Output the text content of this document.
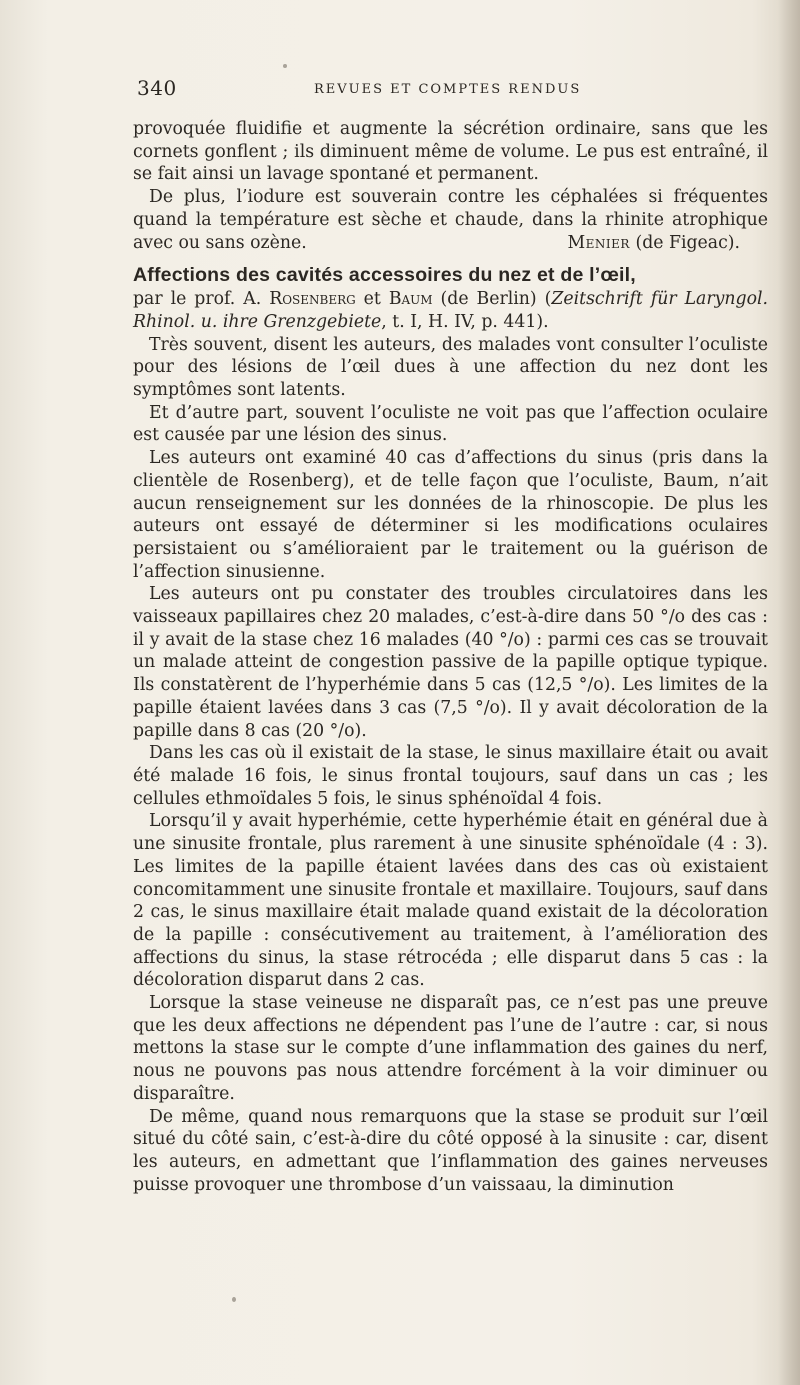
340	REVUES ET COMPTES RENDUS

provoquée fluidifie et augmente la sécrétion ordinaire, sans que les cornets gonflent ; ils diminuent même de volume. Le pus est entraîné, il se fait ainsi un lavage spontané et permanent.

De plus, l’iodure est souverain contre les céphalées si fréquentes quand la température est sèche et chaude, dans la rhinite atrophique avec ou sans ozène.	Menier (de Figeac).
Affections des cavités accessoires du nez et de l’œil,

par le prof. A. Rosenberg et Baum (de Berlin) (Zeitschrift für Laryngol. Rhinol. u. ihre Grenzgebiete, t. I, H. IV, p. 441).

Très souvent, disent les auteurs, des malades vont consulter l’oculiste pour des lésions de l’œil dues à une affection du nez dont les symptômes sont latents.

Et d’autre part, souvent l’oculiste ne voit pas que l’affection oculaire est causée par une lésion des sinus.

Les auteurs ont examiné 40 cas d’affections du sinus (pris dans la clientèle de Rosenberg), et de telle façon que l’oculiste, Baum, n’ait aucun renseignement sur les données de la rhinoscopie. De plus les auteurs ont essayé de déterminer si les modifications oculaires persistaient ou s’amélioraient par le traitement ou la guérison de l’affection sinusienne.

Les auteurs ont pu constater des troubles circulatoires dans les vaisseaux papillaires chez 20 malades, c’est-à-dire dans 50 °/o des cas : il y avait de la stase chez 16 malades (40 °/o) : parmi ces cas se trouvait un malade atteint de congestion passive de la papille optique typique. Ils constatèrent de l’hyperhémie dans 5 cas (12,5 °/o). Les limites de la papille étaient lavées dans 3 cas (7,5 °/o). Il y avait décoloration de la papille dans 8 cas (20 °/o).

Dans les cas où il existait de la stase, le sinus maxillaire était ou avait été malade 16 fois, le sinus frontal toujours, sauf dans un cas ; les cellules ethmoïdales 5 fois, le sinus sphénoïdal 4 fois.

Lorsqu’il y avait hyperhémie, cette hyperhémie était en général due à une sinusite frontale, plus rarement à une sinusite sphénoïdale (4 : 3). Les limites de la papille étaient lavées dans des cas où existaient concomitamment une sinusite frontale et maxillaire. Toujours, sauf dans 2 cas, le sinus maxillaire était malade quand existait de la décoloration de la papille : consécutivement au traitement, à l’amélioration des affections du sinus, la stase rétrocéda ; elle disparut dans 5 cas : la décoloration disparut dans 2 cas.

Lorsque la stase veineuse ne disparaît pas, ce n’est pas une preuve que les deux affections ne dépendent pas l’une de l’autre : car, si nous mettons la stase sur le compte d’une inflammation des gaines du nerf, nous ne pouvons pas nous attendre forcément à la voir diminuer ou disparaître.

De même, quand nous remarquons que la stase se produit sur l’œil situé du côté sain, c’est-à-dire du côté opposé à la sinusite : car, disent les auteurs, en admettant que l’inflammation des gaines nerveuses puisse provoquer une thrombose d’un vaissaau, la diminution
